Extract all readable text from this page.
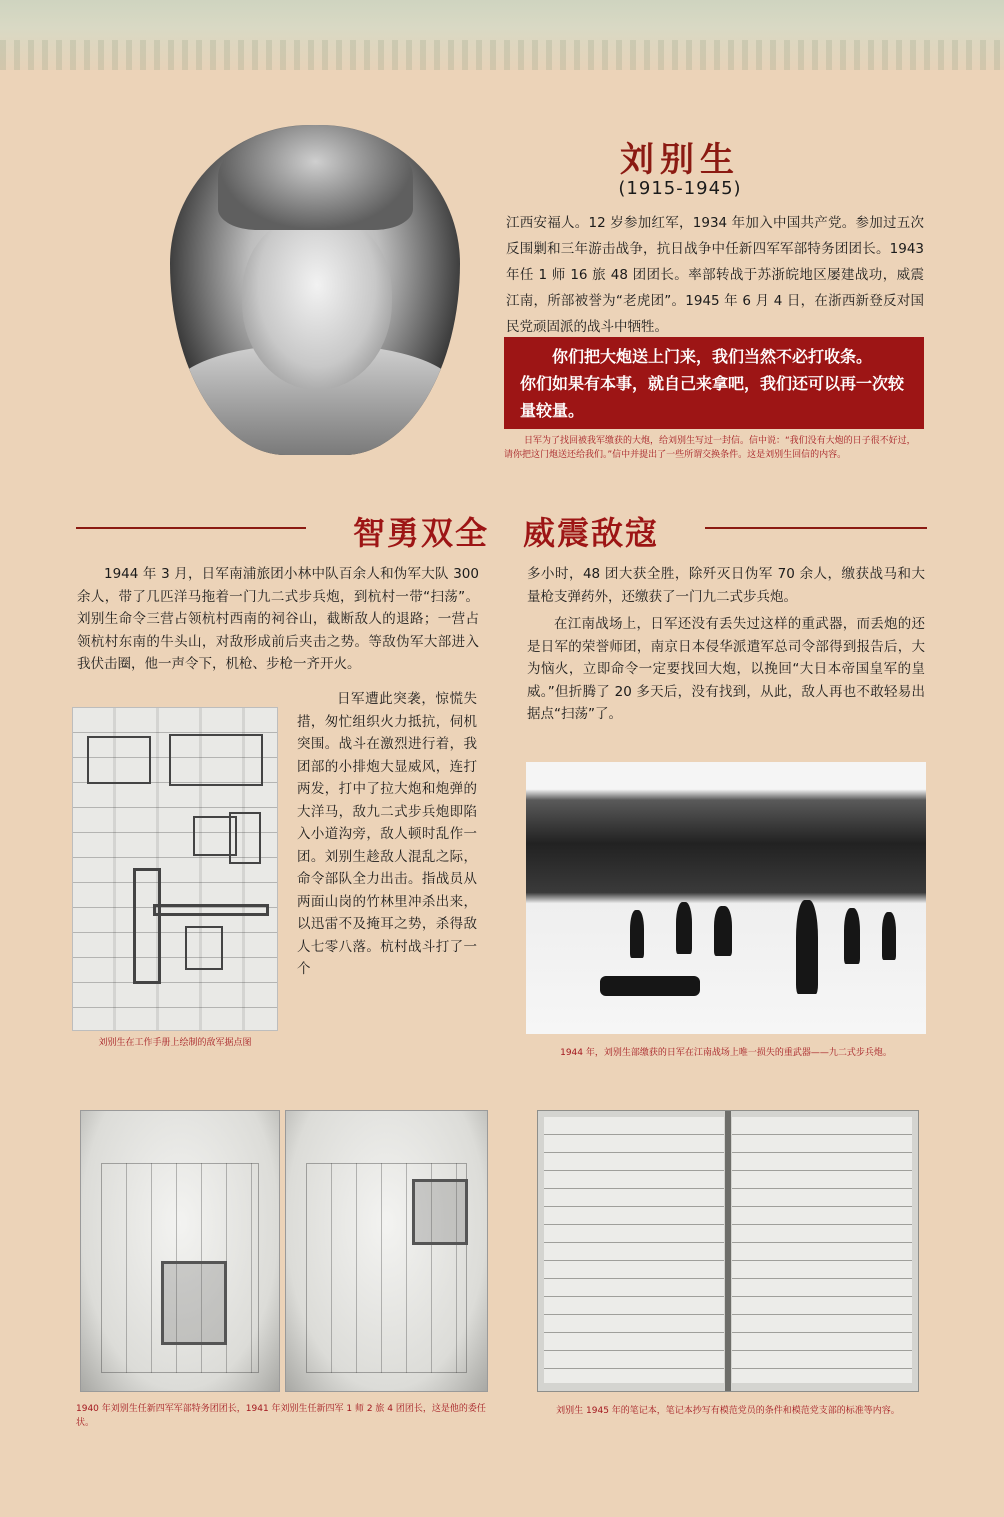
刘别生
(1915-1945)
江西安福人。12 岁参加红军，1934 年加入中国共产党。参加过五次反围剿和三年游击战争，抗日战争中任新四军军部特务团团长。1943 年任 1 师 16 旅 48 团团长。率部转战于苏浙皖地区屡建战功，威震江南，所部被誉为“老虎团”。1945 年 6 月 4 日，在浙西新登反对国民党顽固派的战斗中牺牲。
你们把大炮送上门来，我们当然不必打收条。
你们如果有本事，就自己来拿吧，我们还可以再一次较量较量。
日军为了找回被我军缴获的大炮，给刘别生写过一封信。信中说：“我们没有大炮的日子很不好过，请你把这门炮送还给我们。”信中并提出了一些所谓交换条件。这是刘别生回信的内容。
智勇双全　威震敌寇

1944 年 3 月，日军南浦旅团小林中队百余人和伪军大队 300 余人，带了几匹洋马拖着一门九二式步兵炮，到杭村一带“扫荡”。刘别生命令三营占领杭村西南的祠谷山，截断敌人的退路；一营占领杭村东南的牛头山，对敌形成前后夹击之势。等敌伪军大部进入我伏击圈，他一声令下，机枪、步枪一齐开火。

日军遭此突袭，惊慌失措，匆忙组织火力抵抗，伺机突围。战斗在激烈进行着，我团部的小排炮大显威风，连打两发，打中了拉大炮和炮弹的大洋马，敌九二式步兵炮即陷入小道沟旁，敌人顿时乱作一团。刘别生趁敌人混乱之际，命令部队全力出击。指战员从两面山岗的竹林里冲杀出来，以迅雷不及掩耳之势，杀得敌人七零八落。杭村战斗打了一个

多小时，48 团大获全胜，除歼灭日伪军 70 余人，缴获战马和大量枪支弹药外，还缴获了一门九二式步兵炮。

在江南战场上，日军还没有丢失过这样的重武器，而丢炮的还是日军的荣誉师团，南京日本侵华派遣军总司令部得到报告后，大为恼火，立即命令一定要找回大炮，以挽回“大日本帝国皇军的皇威。”但折腾了 20 多天后，没有找到，从此，敌人再也不敢轻易出据点“扫荡”了。

刘别生在工作手册上绘制的敌军据点图
1944 年，刘别生部缴获的日军在江南战场上唯一损失的重武器——九二式步兵炮。
1940 年刘别生任新四军军部特务团团长，1941 年刘别生任新四军 1 师 2 旅 4 团团长，这是他的委任状。
刘别生 1945 年的笔记本，笔记本抄写有模范党员的条件和模范党支部的标准等内容。
